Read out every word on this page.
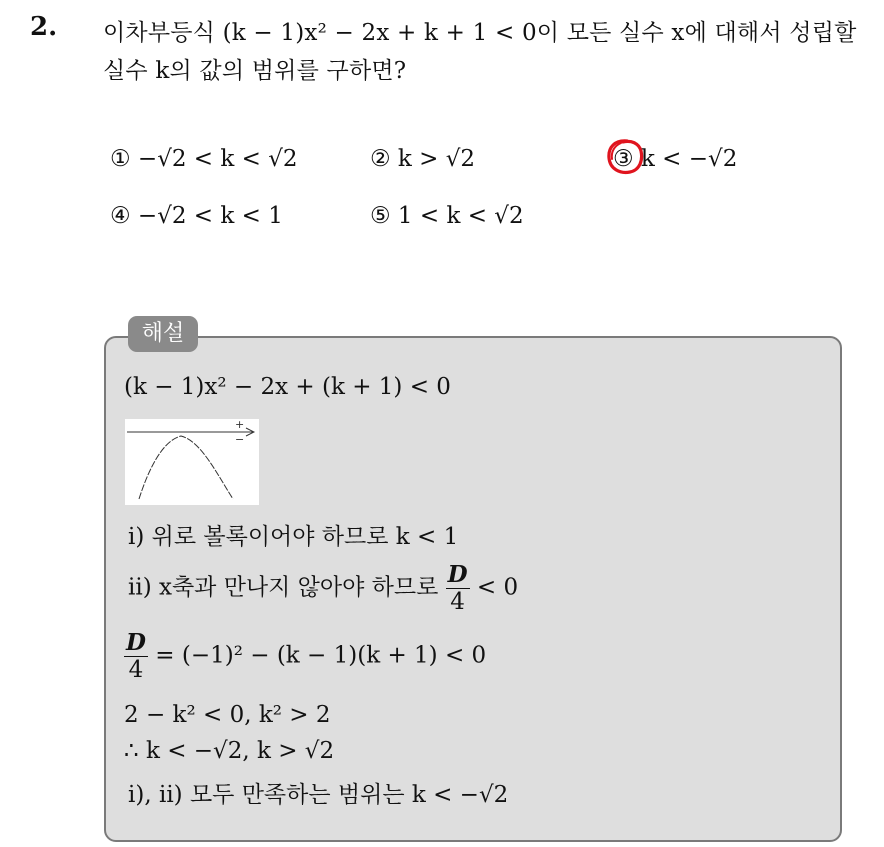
2. 이차부등식 (k − 1)x² − 2x + k + 1 < 0이 모든 실수 x에 대해서 성립할
실수 k의 값의 범위를 구하면?
① −√2 < k < √2	② k > √2	③ k < −√2
④ −√2 < k < 1	⑤ 1 < k < √2
해설
(k − 1)x² − 2x + (k + 1) < 0
+
−
ⅰ) 위로 볼록이어야 하므로 k < 1
ⅱ) x축과 만나지 않아야 하므로 $\frac{D}{4} < 0$
$\frac{D}{4} = (-1)^2 - (k - 1)(k + 1) < 0$
2 − k² < 0, k² > 2
∴ k < −√2, k > √2
ⅰ), ⅱ) 모두 만족하는 범위는 k < −√2
